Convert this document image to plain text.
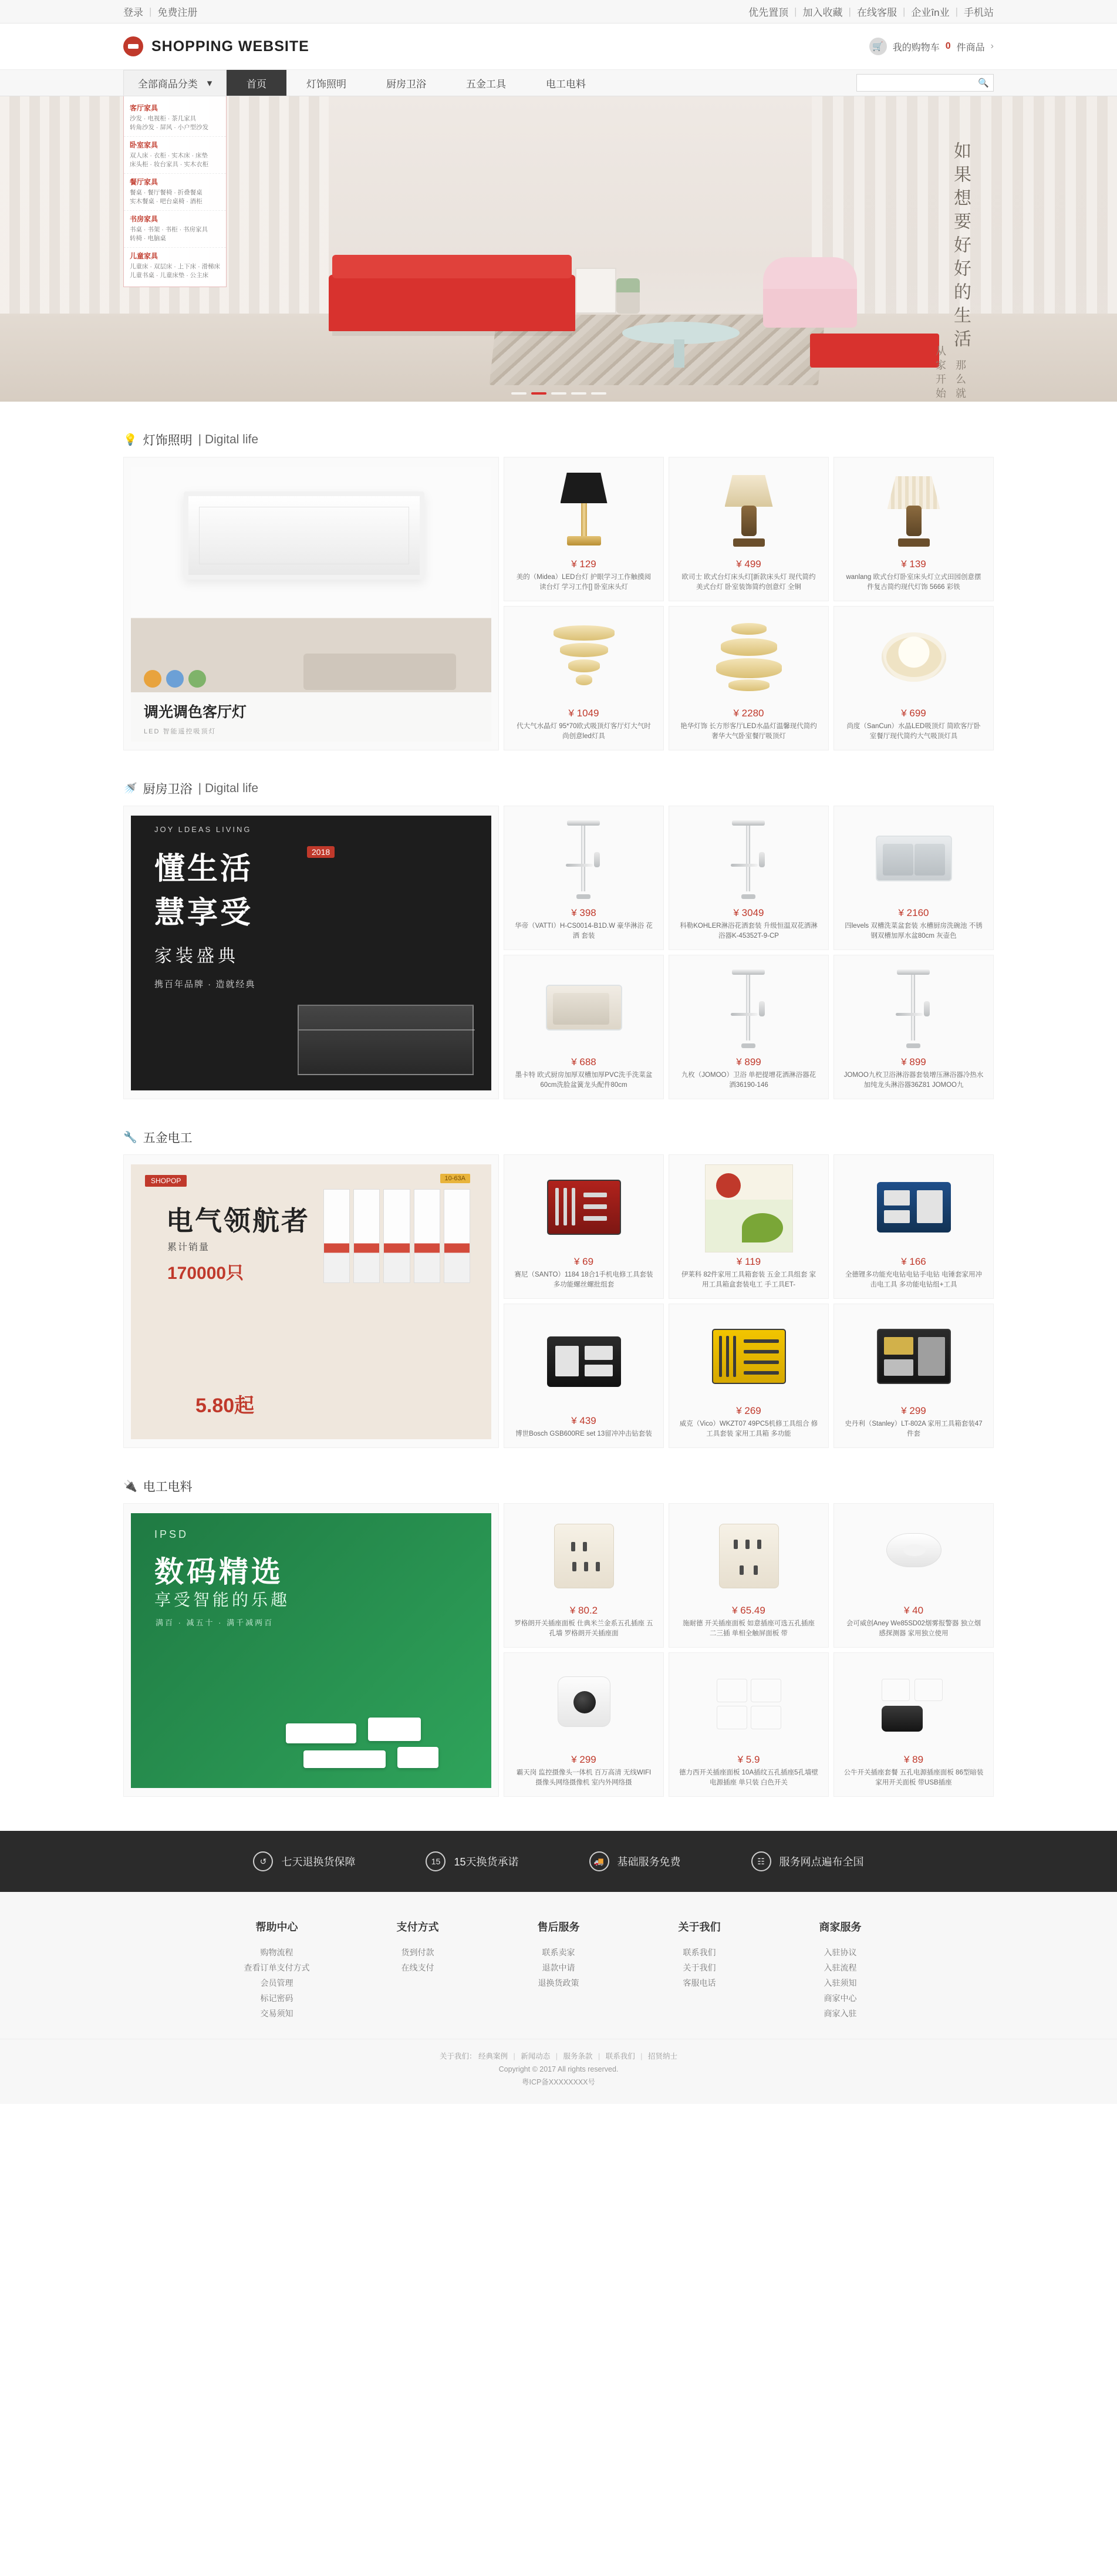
登录 | 免费注册	优先置顶 | 加入收藏 | 在线客服 | 企业în业 | 手机站
SHOPPING WEBSITE	🛒 我的购物车 0 件商品 ›
全部商品分类 ▾	首页	灯饰照明	厨房卫浴	五金工具	电工电料	🔍
如果想要好好的生活 那么就从家开始
客厅家具

沙发 · 电视柜 · 茶几家具

转角沙发 · 屏风 · 小户型沙发

卧室家具

双人床 · 衣柜 · 实木床 · 床垫

床头柜 · 妆台家具 · 实木衣柜

餐厅家具

餐桌 · 餐厅餐椅 · 折叠餐桌

实木餐桌 · 吧台桌椅 · 酒柜

书房家具

书桌 · 书架 · 书柜 · 书房家具

转椅 · 电脑桌

儿童家具

儿童床 · 双层床 · 上下床 · 滑梯床

儿童书桌 · 儿童床垫 · 公主床

💡 灯饰照明 | Digital life
调光调色客厅灯

LED 智能遥控吸顶灯

¥ 129
美的（Midea）LED台灯 护眼学习工作触摸阅读台灯 学习工作[] 卧室床头灯
¥ 499
欧司士 欧式台灯床头灯[新款床头灯 现代简约美式台灯 卧室装饰简约创意灯 全铜
¥ 139
wanlang 欧式台灯卧室床头灯立式田园创意摆件复古简约现代灯饰 5666 彩铁
¥ 1049
代大气水晶灯 95*70欧式吸顶灯客厅灯大气时尚创意led灯具
¥ 2280
艳华灯饰 长方形客厅LED水晶灯温馨现代简约奢华大气卧室餐厅吸顶灯
¥ 699
尚度（SanCun）水晶LED吸顶灯 简欧客厅卧室餐厅现代简约大气吸顶灯具
🚿 厨房卫浴 | Digital life
JOY LDEAS LIVING
2018
懂生活
慧享受
家装盛典
携百年品牌 · 造就经典
¥ 398
华帝（VATTI）H-CS0014-B1D.W 豪华淋浴 花洒 套装
¥ 3049
科勒KOHLER淋浴花洒套装 升级恒温双花洒淋浴器K-45352T-9-CP
¥ 2160
四levels 双槽洗菜盆套装 水槽厨房洗碗池 不锈钢双槽加厚水盆80cm 灰壶色
¥ 688
墨卡特 欧式厨房加厚双槽加厚PVC洗手洗菜盆60cm洗脸盆簧龙头配件80cm
¥ 899
九枚（JOMOO）卫浴 单把提增花洒淋浴器花洒36190-146
¥ 899
JOMOO九枚卫浴淋浴器套装增压淋浴器冷热水加纯龙头淋浴器36Z81 JOMOO九
🔧 五金电工
SHOPOP	10-63A
电气领航者
累计销量
170000只
5.80起
¥ 69
赛尼（SANTO）1184 18合1手机电修工具套装 多功能螺丝螺批组套
¥ 119
伊莱科 82件家用工具箱套装 五金工具组套 家用工具箱盒套装电工 手工具ET-
¥ 166
全德锂多功能充电钻电钻手电钻 电锤套家用冲击电工具 多功能电钻组+工具
¥ 439
博世Bosch GSB600RE set 13留冲冲击钻套装
¥ 269
威克（Vico）WKZT07 49PC5机修工具组合 修工具套装 家用工具箱 多功能
¥ 299
史丹利（Stanley）LT-802A 家用工具箱套装47件套
🔌 电工电料
IPSD
数码精选
享受智能的乐趣
满百 · 减五十 · 满千减两百
¥ 80.2
罗格朗开关插座面板 仕典米兰金系五孔插座 五孔墙 罗格朗开关插座面
¥ 65.49
施耐德 开关插座面板 如意插座可选五孔插座 二三插 单相全触屏面板 带
¥ 40
会可威创Aney We85SD02烟雾报警器 独立烟感探测器 家用独立使用
¥ 299
霸天岗 监控摄像头一体机 百万高清 无线WIFI摄像头网络摄像机 室内外网络摄
¥ 5.9
德力西开关插座面板 10A插纹五孔插座5孔墙壁电源插座 单只装 白色开关
¥ 89
公牛开关插座套餐 五孔电源插座面板 86型暗装家用开关面板 带USB插座
↺	七天退换货保障	15	15天换货承诺	🚚	基础服务免费	☷	服务网点遍布全国
帮助中心
购物流程
查看订单支付方式
会员管理
标记密码
交易须知
支付方式
货到付款
在线支付
售后服务
联系卖家
退款中请
退换货政策
关于我们
联系我们
关于我们
客服电话
商家服务
入驻协议
入驻流程
入驻须知
商家中心
商家入驻
关于我们： 经典案例 | 新闻动态 | 服务条款 | 联系我们 | 招贤纳士
Copyright © 2017 All rights reserved.
粤ICP备XXXXXXXX号
